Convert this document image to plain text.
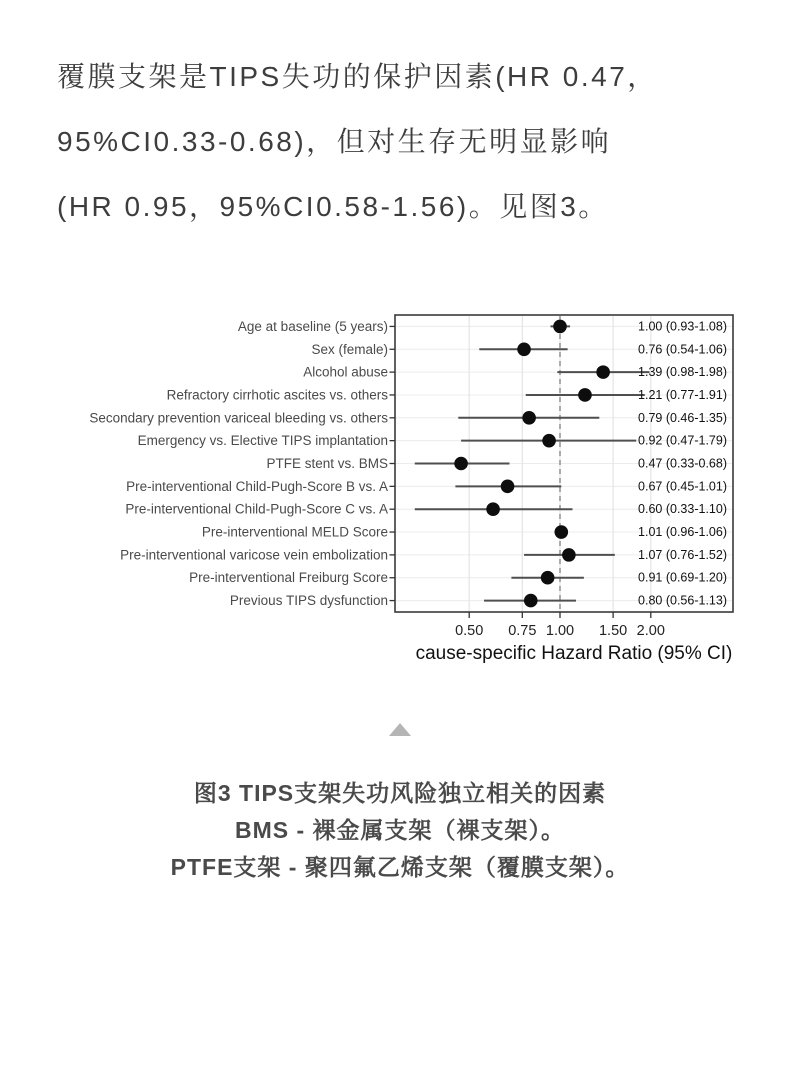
覆膜支架是TIPS失功的保护因素(HR 0.47，
95%CI0.33-0.68)，但对生存无明显影响
(HR 0.95，95%CI0.58-1.56)。见图3。
Age at baseline (5 years)	1.00 (0.93-1.08)
Sex (female)	0.76 (0.54-1.06)
Alcohol abuse	1.39 (0.98-1.98)
Refractory cirrhotic ascites vs. others	1.21 (0.77-1.91)
Secondary prevention variceal bleeding vs. others	0.79 (0.46-1.35)
Emergency vs. Elective TIPS implantation	0.92 (0.47-1.79)
PTFE stent vs. BMS	0.47 (0.33-0.68)
Pre-interventional Child-Pugh-Score B vs. A	0.67 (0.45-1.01)
Pre-interventional Child-Pugh-Score C vs. A	0.60 (0.33-1.10)
Pre-interventional MELD Score	1.01 (0.96-1.06)
Pre-interventional varicose vein embolization	1.07 (0.76-1.52)
Pre-interventional Freiburg Score	0.91 (0.69-1.20)
Previous TIPS dysfunction	0.80 (0.56-1.13)
0.50 0.75 1.00 1.50 2.00
cause-specific Hazard Ratio (95% CI)
图3 TIPS支架失功风险独立相关的因素
BMS - 裸金属支架（裸支架）。
PTFE支架 - 聚四氟乙烯支架（覆膜支架）。
